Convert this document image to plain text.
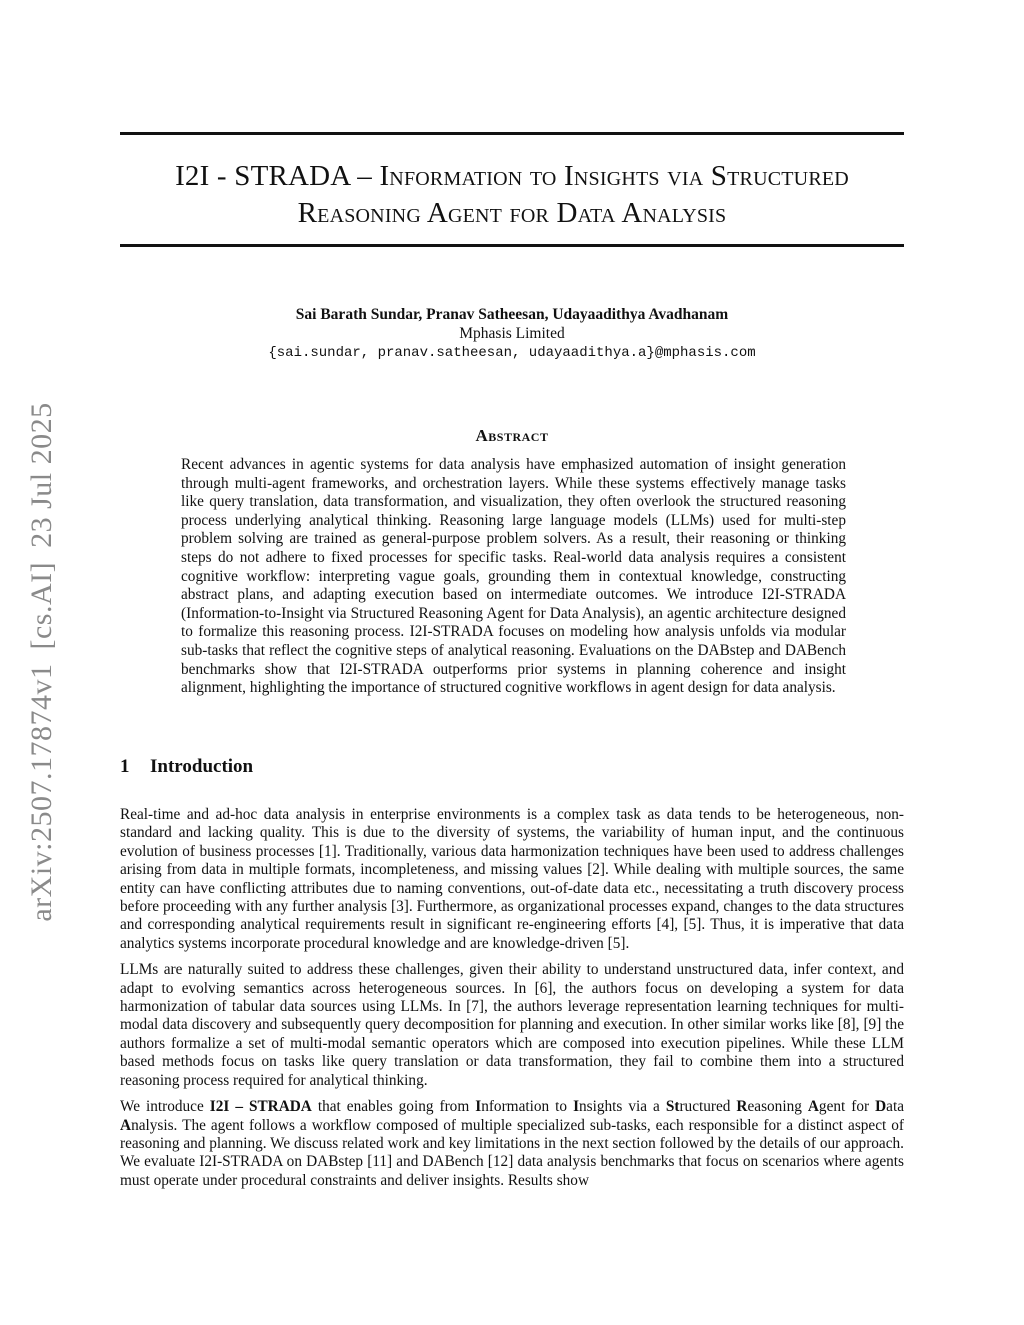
arXiv:2507.17874v1[cs.AI]23 Jul 2025
I2I - STRADA – Information to Insights via Structured
Reasoning Agent for Data Analysis
Sai Barath Sundar, Pranav Satheesan, Udayaadithya Avadhanam
Mphasis Limited
{sai.sundar, pranav.satheesan, udayaadithya.a}@mphasis.com
Abstract
Recent advances in agentic systems for data analysis have emphasized automation of insight generation through multi-agent frameworks, and orchestration layers. While these systems effectively manage tasks like query translation, data transformation, and visualization, they often overlook the structured reasoning process underlying analytical thinking. Reasoning large language models (LLMs) used for multi-step problem solving are trained as general-purpose problem solvers. As a result, their reasoning or thinking steps do not adhere to fixed processes for specific tasks. Real-world data analysis requires a consistent cognitive workflow: interpreting vague goals, grounding them in contextual knowledge, constructing abstract plans, and adapting execution based on intermediate outcomes. We introduce I2I-STRADA (Information-to-Insight via Structured Reasoning Agent for Data Analysis), an agentic architecture designed to formalize this reasoning process. I2I-STRADA focuses on modeling how analysis unfolds via modular sub-tasks that reflect the cognitive steps of analytical reasoning. Evaluations on the DABstep and DABench benchmarks show that I2I-STRADA outperforms prior systems in planning coherence and insight alignment, highlighting the importance of structured cognitive workflows in agent design for data analysis.
1 Introduction

Real-time and ad-hoc data analysis in enterprise environments is a complex task as data tends to be heterogeneous, non-standard and lacking quality. This is due to the diversity of systems, the variability of human input, and the continuous evolution of business processes [1]. Traditionally, various data harmonization techniques have been used to address challenges arising from data in multiple formats, incompleteness, and missing values [2]. While dealing with multiple sources, the same entity can have conflicting attributes due to naming conventions, out-of-date data etc., necessitating a truth discovery process before proceeding with any further analysis [3]. Furthermore, as organizational processes expand, changes to the data structures and corresponding analytical requirements result in significant re-engineering efforts [4], [5]. Thus, it is imperative that data analytics systems incorporate procedural knowledge and are knowledge-driven [5].

LLMs are naturally suited to address these challenges, given their ability to understand unstructured data, infer context, and adapt to evolving semantics across heterogeneous sources. In [6], the authors focus on developing a system for data harmonization of tabular data sources using LLMs. In [7], the authors leverage representation learning techniques for multi-modal data discovery and subsequently query decomposition for planning and execution. In other similar works like [8], [9] the authors formalize a set of multi-modal semantic operators which are composed into execution pipelines. While these LLM based methods focus on tasks like query translation or data transformation, they fail to combine them into a structured reasoning process required for analytical thinking.

We introduce I2I – STRADA that enables going from Information to Insights via a Structured Reasoning Agent for Data Analysis. The agent follows a workflow composed of multiple specialized sub-tasks, each responsible for a distinct aspect of reasoning and planning. We discuss related work and key limitations in the next section followed by the details of our approach. We evaluate I2I-STRADA on DABstep [11] and DABench [12] data analysis benchmarks that focus on scenarios where agents must operate under procedural constraints and deliver insights. Results show
